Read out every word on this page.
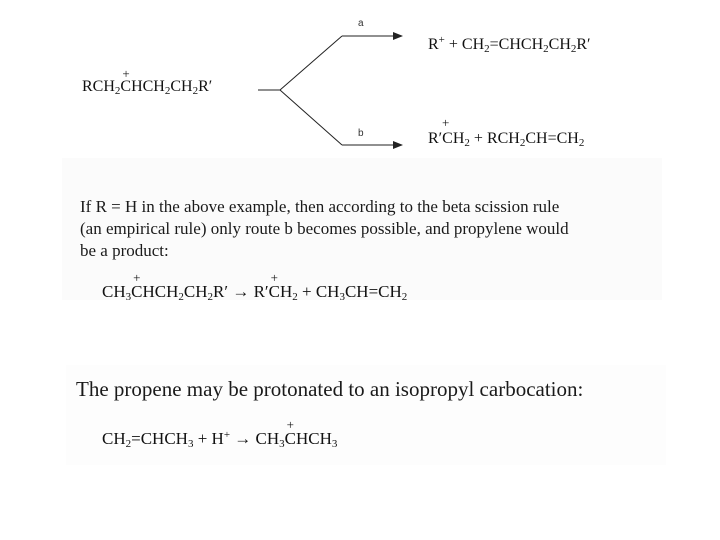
$RCH_2C$
+
$HCH_2CH_2R'$
a
b
$R^+ + CH_2=CHCH_2CH_2R'$
R′CH
+
$_2 + RCH_2CH=CH_2$
If R = H in the above example, then according to the beta scission rule
(an empirical rule) only route b becomes possible, and propylene would
be a product:
$CH_3C$
+
$HCH_2CH_2R' \to R'C$
+
$H_2 + CH_3CH=CH_2$
The propene may be protonated to an isopropyl carbocation:
$CH_2=CHCH_3 + H^+ \to CH_3C$
+
$HCH_3$
